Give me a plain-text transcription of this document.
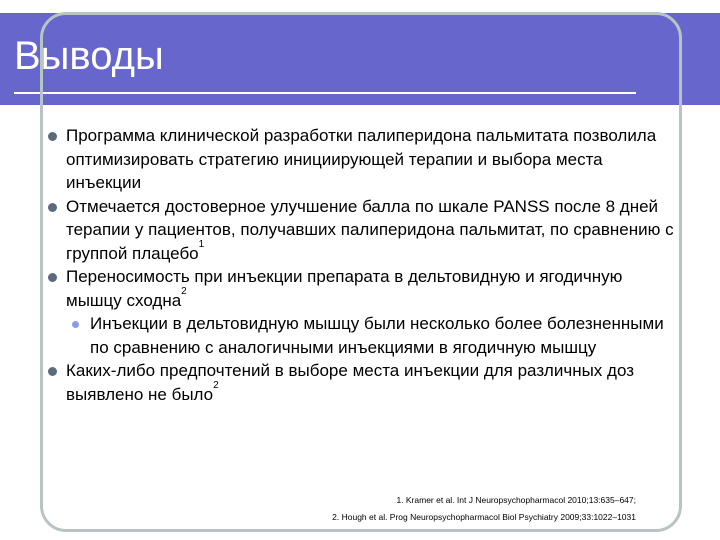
Выводы

Программа клинической разработки палиперидона пальмитата позволила оптимизировать стратегию инициирующей терапии и выбора места инъекции

Отмечается достоверное улучшение балла по шкале PANSS после 8 дней терапии у пациентов, получавших палиперидона пальмитат, по сравнению с группой плацебо$^1$

Переносимость при инъекции препарата в дельтовидную и ягодичную мышцу сходна$^2$

Инъекции в дельтовидную мышцу были несколько более болезненными по сравнению с аналогичными инъекциями в ягодичную мышцу

Каких-либо предпочтений в выборе места инъекции для различных доз выявлено не было$^2$

1. Kramer et al. Int J Neuropsychopharmacol 2010;13:635–647;
2. Hough et al. Prog Neuropsychopharmacol Biol Psychiatry 2009;33:1022–1031
